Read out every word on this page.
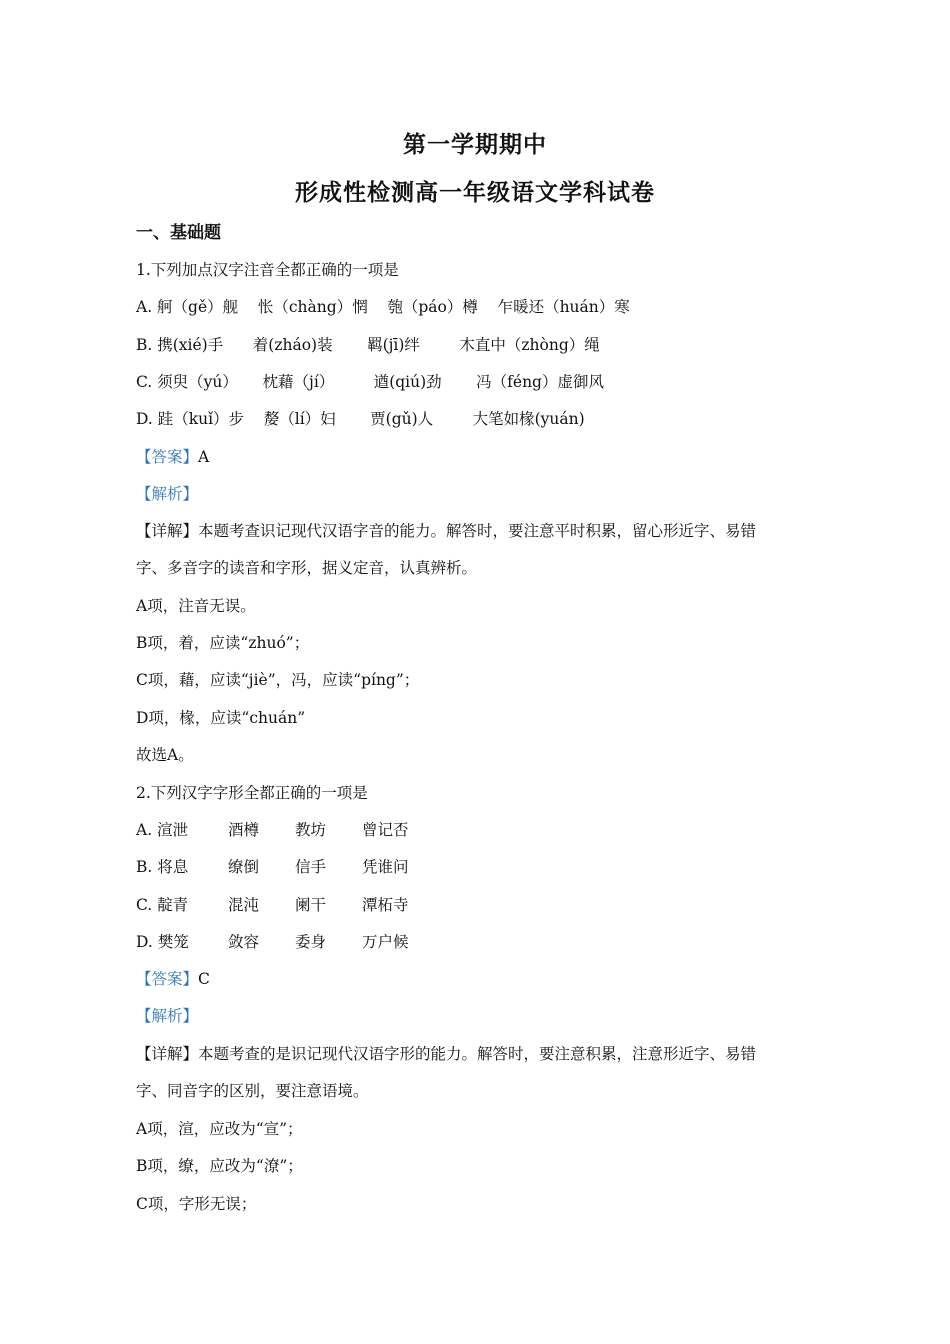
第一学期期中
形成性检测高一年级语文学科试卷
一、基础题
1.下列加点汉字注音全都正确的一项是
A. 舸（gě）舰    怅（chàng）惘    匏（páo）樽    乍暖还（huán）寒
B. 携(xié)手      着(zháo)装       羁(jī)绊        木直中（zhòng）绳
C. 须臾（yú）     枕藉（jí）        遒(qiú)劲       冯（féng）虚御风
D. 跬（kuǐ）步    嫠（lí）妇       贾(gǔ)人        大笔如椽(yuán)
【答案】A
【解析】
【详解】本题考查识记现代汉语字音的能力。解答时，要注意平时积累，留心形近字、易错
字、多音字的读音和字形，据义定音，认真辨析。
A项，注音无误。
B项，着，应读“zhuó”；
C项，藉，应读“jiè”，冯，应读“píng”；
D项，椽，应读“chuán”
故选A。
2.下列汉字字形全都正确的一项是
A. 渲泄	酒樽 教坊 曾记否
B. 将息	缭倒 信手 凭谁问
C. 靛青	混沌 阑干 潭柘寺
D. 樊笼	敛容 委身 万户候
【答案】C
【解析】
【详解】本题考查的是识记现代汉语字形的能力。解答时，要注意积累，注意形近字、易错
字、同音字的区别，要注意语境。
A项，渲，应改为“宣”；
B项，缭，应改为“潦”；
C项，字形无误；
